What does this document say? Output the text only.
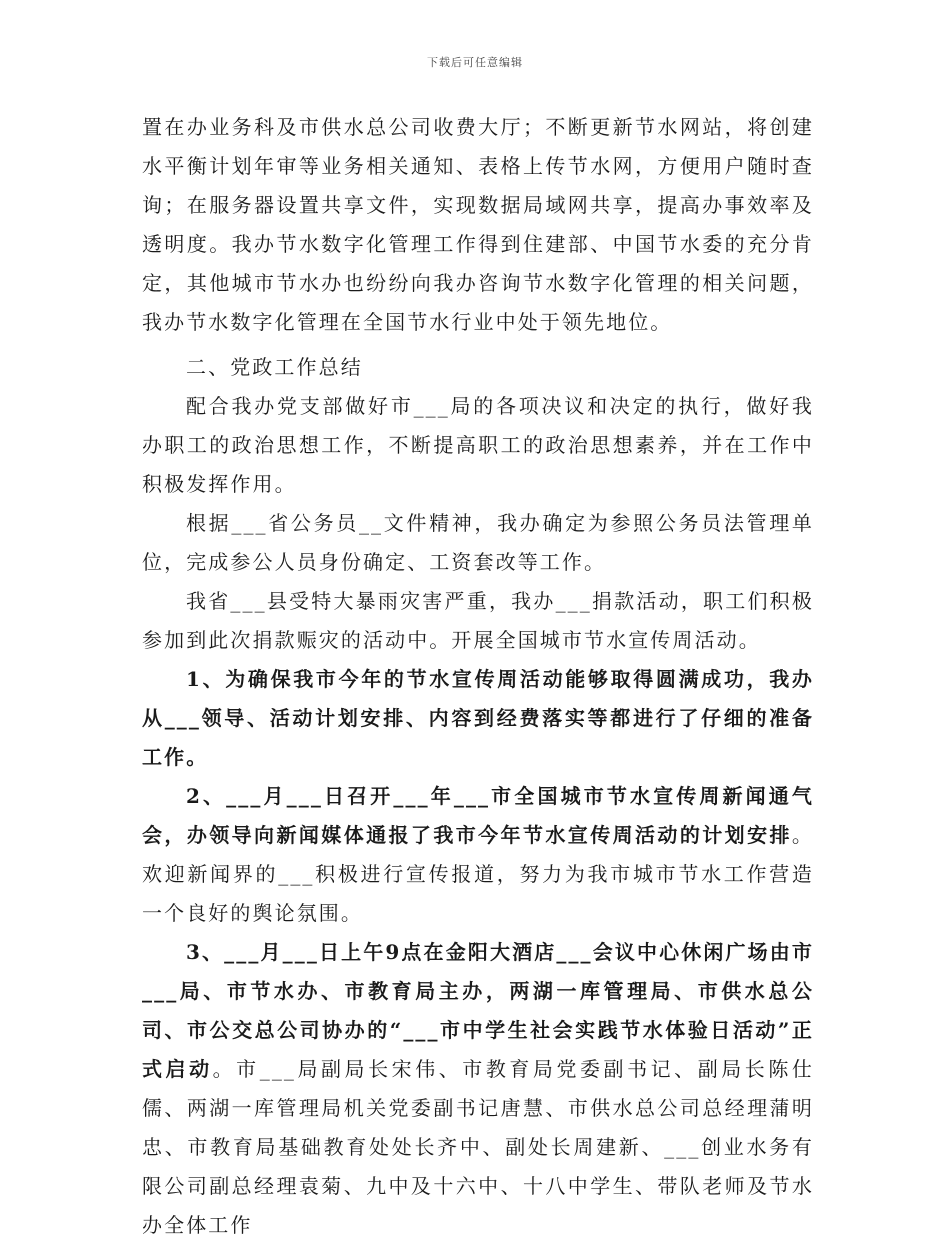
下载后可任意编辑

置在办业务科及市供水总公司收费大厅；不断更新节水网站，将创建水平衡计划年审等业务相关通知、表格上传节水网，方便用户随时查询；在服务器设置共享文件，实现数据局域网共享，提高办事效率及透明度。我办节水数字化管理工作得到住建部、中国节水委的充分肯定，其他城市节水办也纷纷向我办咨询节水数字化管理的相关问题，我办节水数字化管理在全国节水行业中处于领先地位。

二、党政工作总结

配合我办党支部做好市___局的各项决议和决定的执行，做好我办职工的政治思想工作，不断提高职工的政治思想素养，并在工作中积极发挥作用。

根据___省公务员__文件精神，我办确定为参照公务员法管理单位，完成参公人员身份确定、工资套改等工作。

我省___县受特大暴雨灾害严重，我办___捐款活动，职工们积极参加到此次捐款赈灾的活动中。开展全国城市节水宣传周活动。

1、为确保我市今年的节水宣传周活动能够取得圆满成功，我办从___领导、活动计划安排、内容到经费落实等都进行了仔细的准备工作。

2、___月___日召开___年___市全国城市节水宣传周新闻通气会，办领导向新闻媒体通报了我市今年节水宣传周活动的计划安排。欢迎新闻界的___积极进行宣传报道，努力为我市城市节水工作营造一个良好的舆论氛围。

3、___月___日上午9点在金阳大酒店___会议中心休闲广场由市___局、市节水办、市教育局主办，两湖一库管理局、市供水总公司、市公交总公司协办的“___市中学生社会实践节水体验日活动”正式启动。市___局副局长宋伟、市教育局党委副书记、副局长陈仕儒、两湖一库管理局机关党委副书记唐慧、市供水总公司总经理蒲明忠、市教育局基础教育处处长齐中、副处长周建新、___创业水务有限公司副总经理袁菊、九中及十六中、十八中学生、带队老师及节水办全体工作
